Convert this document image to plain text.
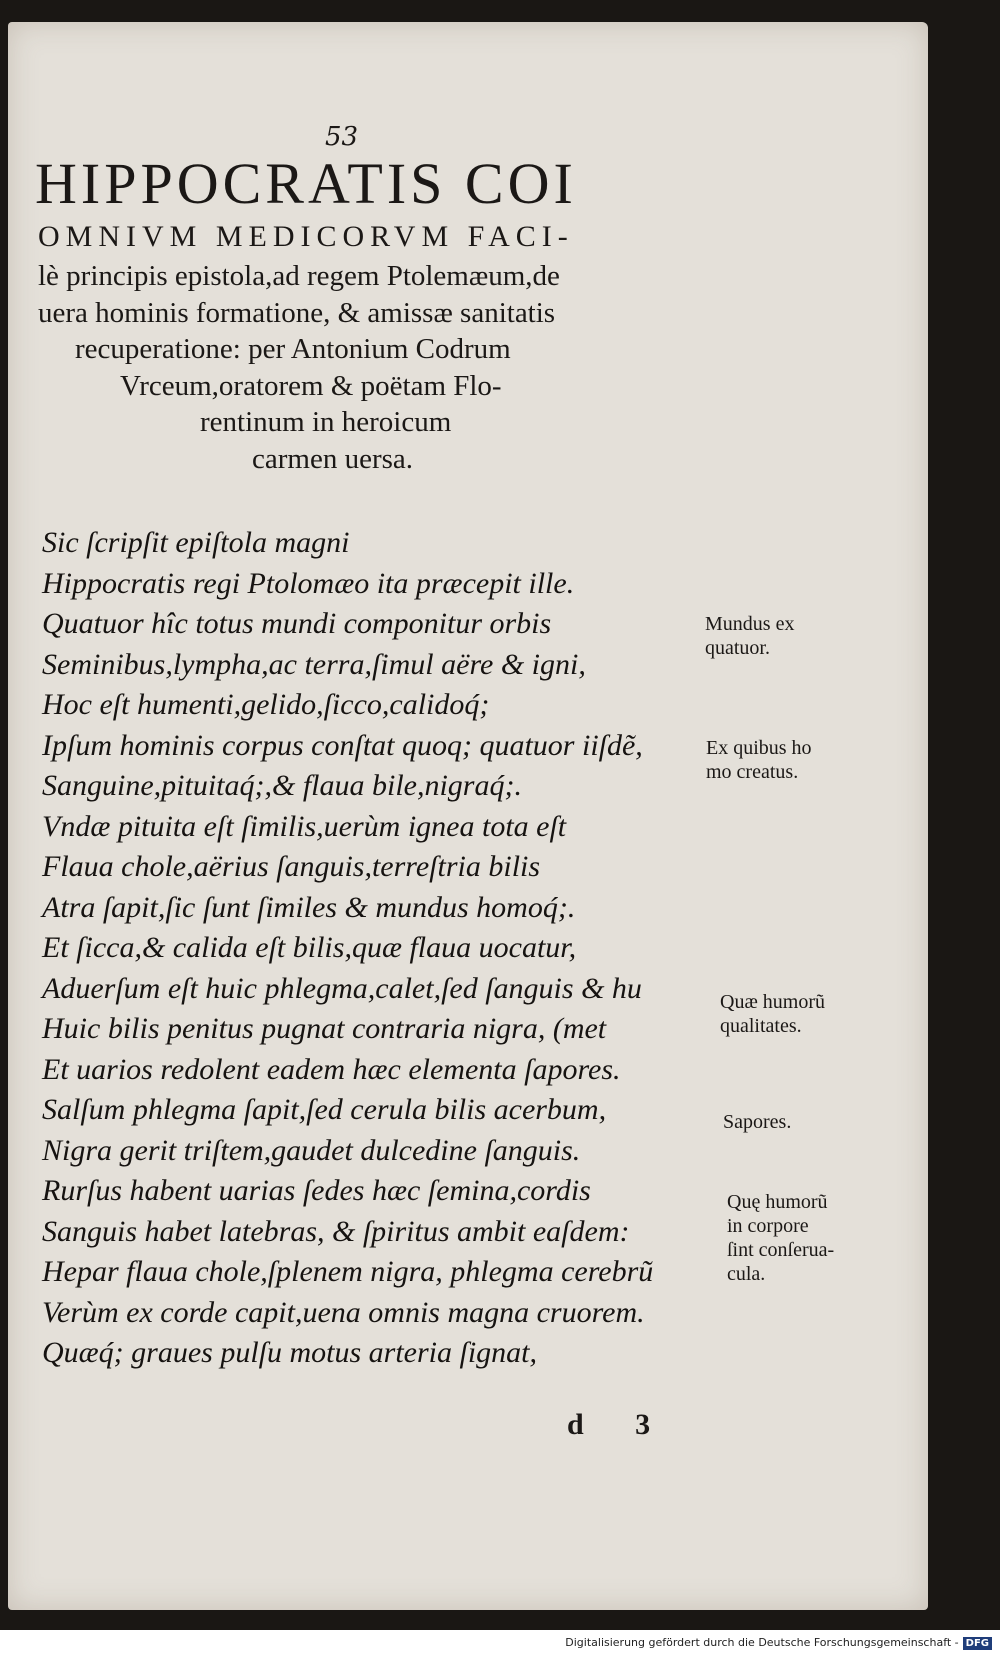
53
HIPPOCRATIS COI
OMNIVM MEDICORVM FACI-
lè principis epistola,ad regem Ptolemæum,de
uera hominis formatione, & amissæ sanitatis
recuperatione: per Antonium Codrum
Vrceum,oratorem & poëtam Flo-
rentinum in heroicum
carmen uersa.
Sic ſcripſit epiſtola magni
Hippocratis regi Ptolomæo ita præcepit ille.
Quatuor hîc totus mundi componitur orbis
Seminibus,lympha,ac terra,ſimul aëre & igni,
Hoc eſt humenti,gelido,ſicco,calidoq́;
Ipſum hominis corpus conſtat quoq; quatuor iiſdẽ,
Sanguine,pituitaq́;,& flaua bile,nigraq́;.
Vndæ pituita eſt ſimilis,uerùm ignea tota eſt
Flaua chole,aërius ſanguis,terreſtria bilis
Atra ſapit,ſic ſunt ſimiles & mundus homoq́;.
Et ſicca,& calida eſt bilis,quæ flaua uocatur,
Aduerſum eſt huic phlegma,calet,ſed ſanguis & hu
Huic bilis penitus pugnat contraria nigra, (met
Et uarios redolent eadem hæc elementa ſapores.
Salſum phlegma ſapit,ſed cerula bilis acerbum,
Nigra gerit triſtem,gaudet dulcedine ſanguis.
Rurſus habent uarias ſedes hæc ſemina,cordis
Sanguis habet latebras, & ſpiritus ambit eaſdem:
Hepar flaua chole,ſplenem nigra, phlegma cerebrũ
Verùm ex corde capit,uena omnis magna cruorem.
Quæq́; graues pulſu motus arteria ſignat,
Mundus ex
quatuor.
Ex quibus ho
mo creatus.
Quæ humorũ
qualitates.
Sapores.
Quę humorũ
in corpore
ſint conſerua-
cula.
d 3
Digitalisierung gefördert durch die Deutsche Forschungsgemeinschaft - DFG
